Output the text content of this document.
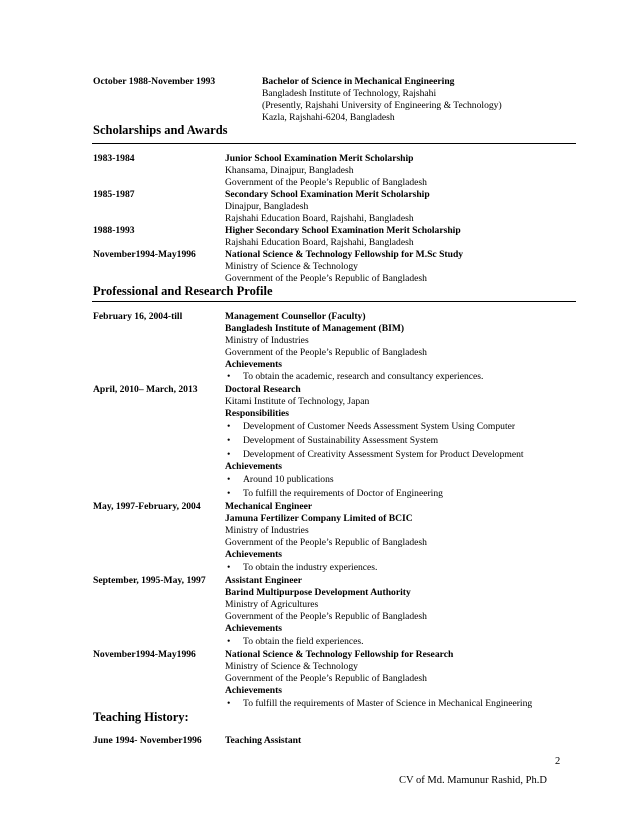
October 1988-November 1993	Bachelor of Science in Mechanical Engineering
Bangladesh Institute of Technology, Rajshahi
(Presently, Rajshahi University of Engineering & Technology)
Kazla, Rajshahi-6204, Bangladesh
Scholarships and Awards
1983-1984	Junior School Examination Merit Scholarship
Khansama, Dinajpur, Bangladesh
Government of the People’s Republic of Bangladesh
1985-1987	Secondary School Examination Merit Scholarship
Dinajpur, Bangladesh
Rajshahi Education Board, Rajshahi, Bangladesh
1988-1993	Higher Secondary School Examination Merit Scholarship
Rajshahi Education Board, Rajshahi, Bangladesh
November1994-May1996	National Science & Technology Fellowship for M.Sc Study
Ministry of Science & Technology
Government of the People’s Republic of Bangladesh
Professional and Research Profile
February 16, 2004-till	Management Counsellor (Faculty)
Bangladesh Institute of Management (BIM)
Ministry of Industries
Government of the People’s Republic of Bangladesh
Achievements
• To obtain the academic, research and consultancy experiences.
April, 2010– March, 2013	Doctoral Research
Kitami Institute of Technology, Japan
Responsibilities
• Development of Customer Needs Assessment System Using Computer
• Development of Sustainability Assessment System
• Development of Creativity Assessment System for Product Development
Achievements
• Around 10 publications
• To fulfill the requirements of Doctor of Engineering
May, 1997-February, 2004	Mechanical Engineer
Jamuna Fertilizer Company Limited of BCIC
Ministry of Industries
Government of the People’s Republic of Bangladesh
Achievements
• To obtain the industry experiences.
September, 1995-May, 1997 Assistant Engineer
Barind Multipurpose Development Authority
Ministry of Agricultures
Government of the People’s Republic of Bangladesh
Achievements
• To obtain the field experiences.
November1994-May1996	National Science & Technology Fellowship for Research
Ministry of Science & Technology
Government of the People’s Republic of Bangladesh
Achievements
• To fulfill the requirements of Master of Science in Mechanical Engineering
Teaching History:
June 1994- November1996 Teaching Assistant
2
CV of Md. Mamunur Rashid, Ph.D
